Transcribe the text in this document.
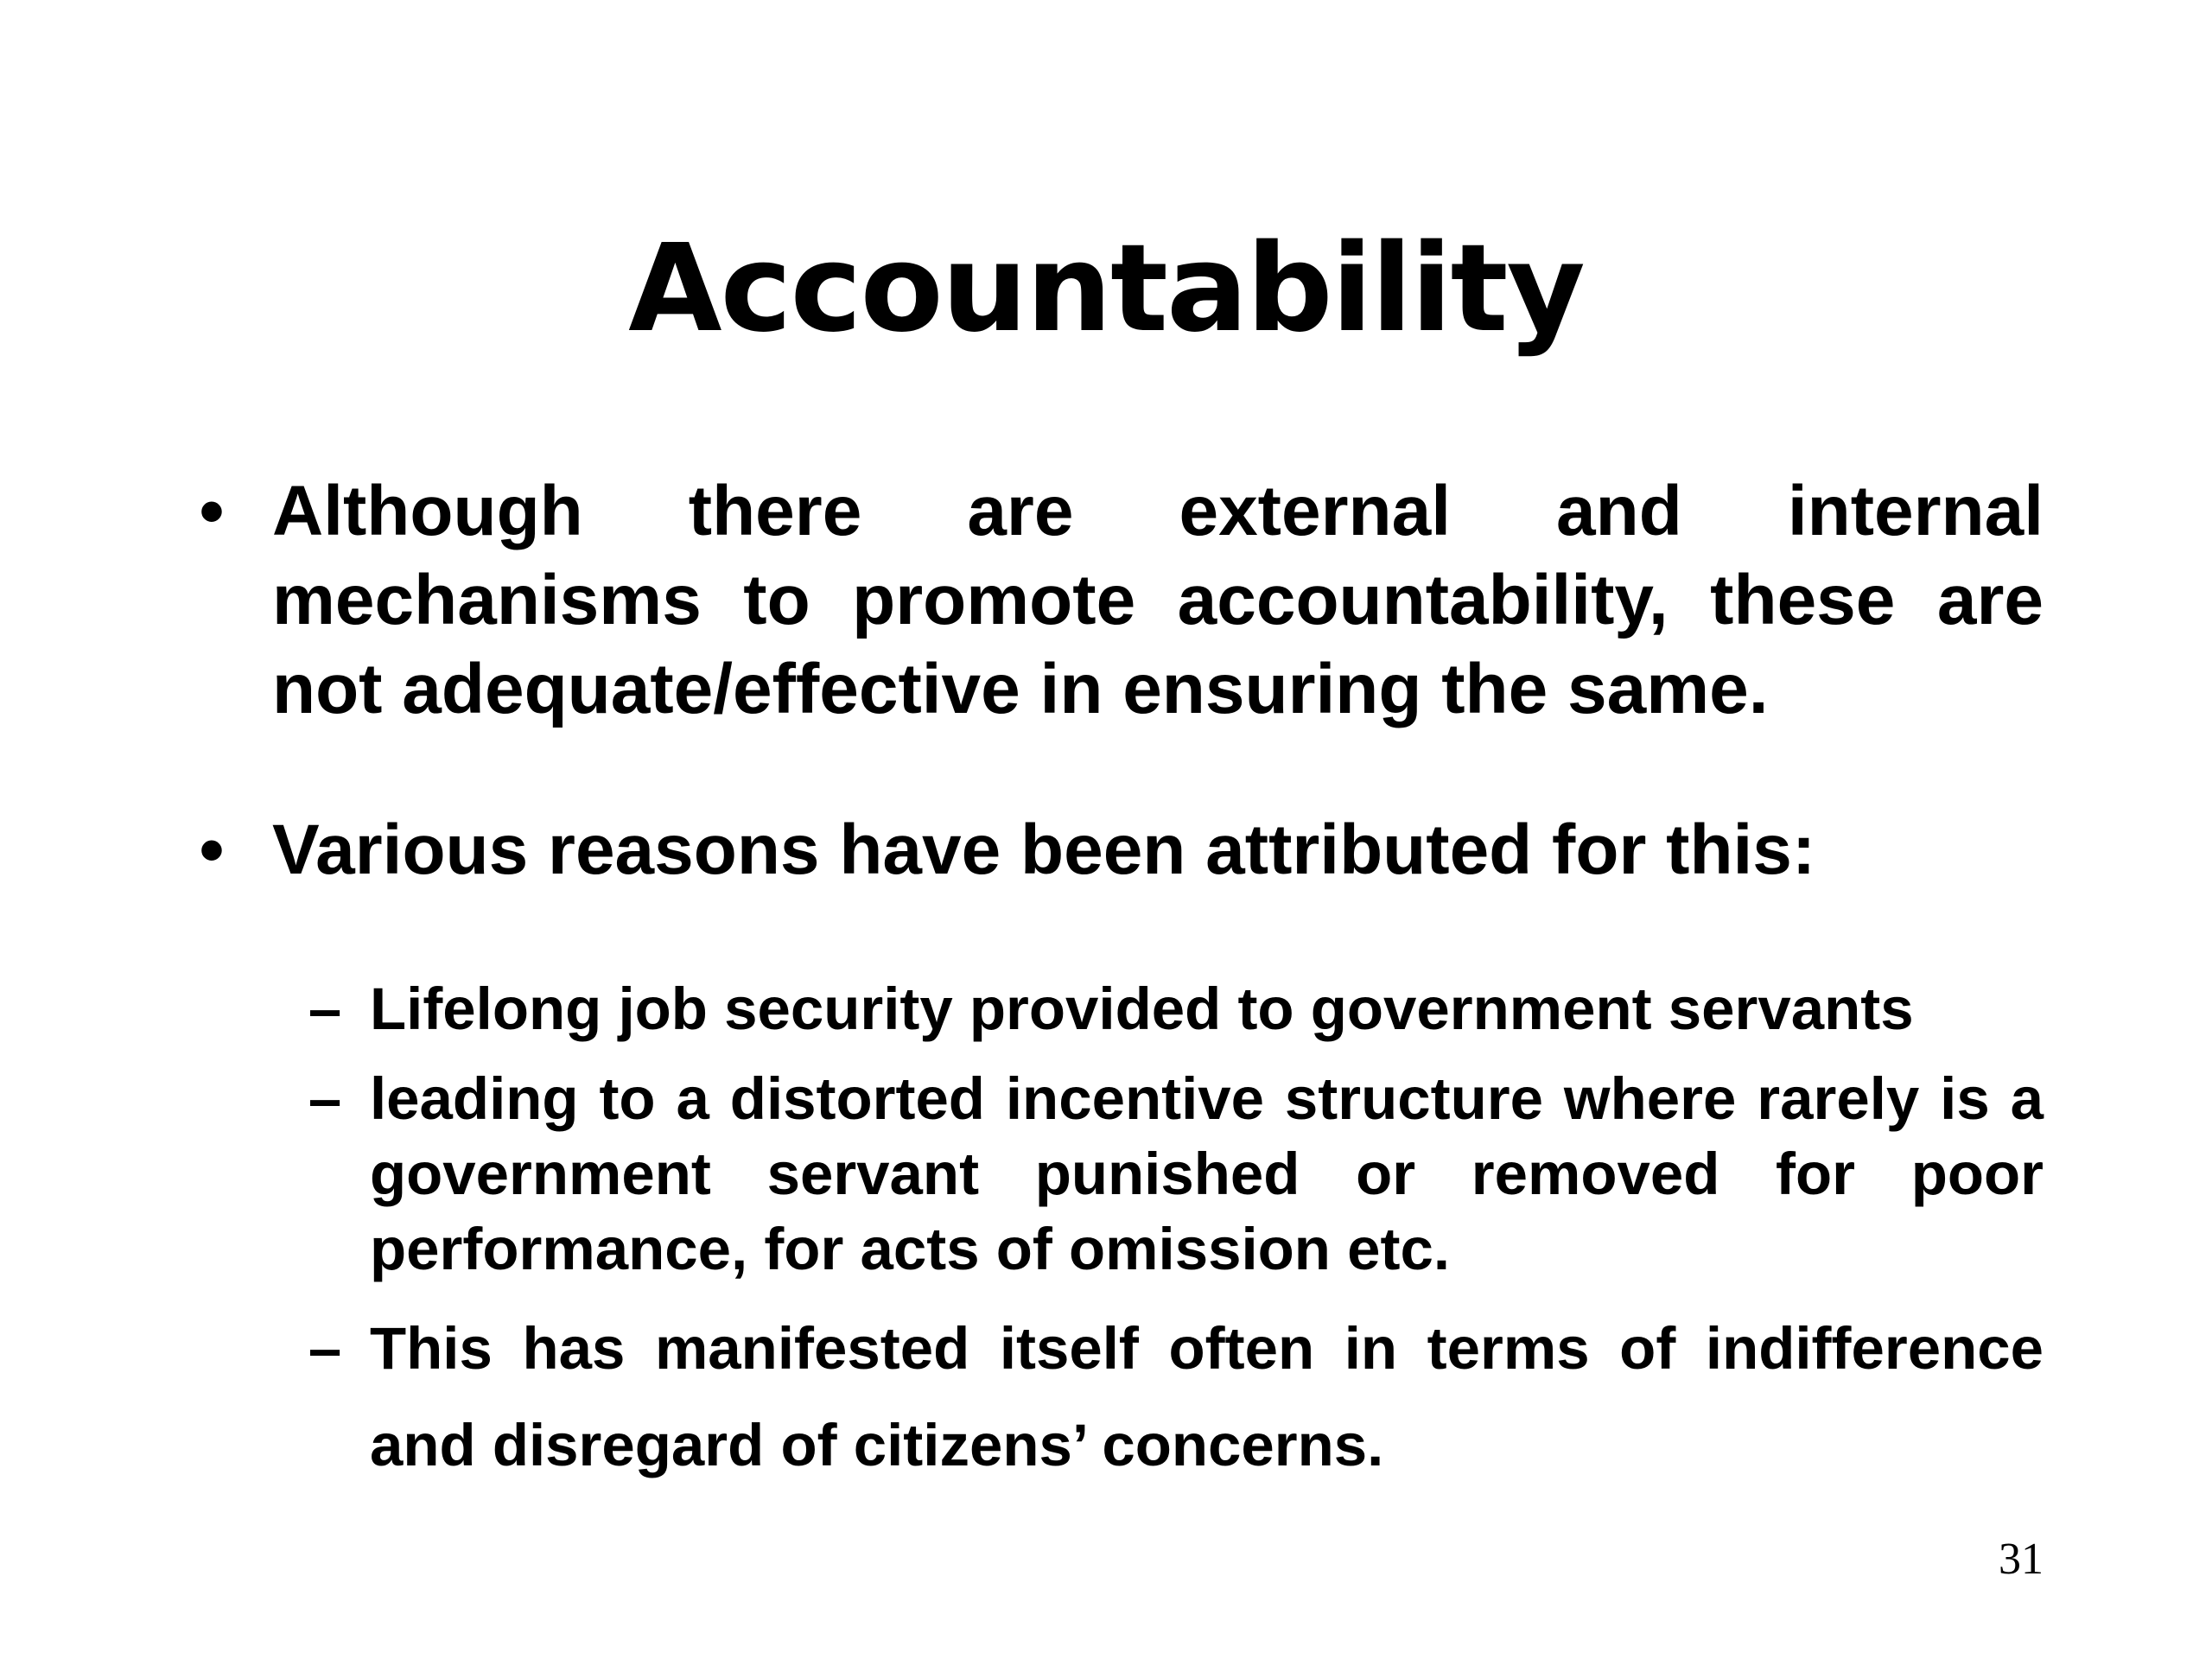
Accountability
• Although there are external and internal mechanisms to promote accountability, these are not adequate/effective in ensuring the same.
• Various reasons have been attributed for this:
– Lifelong job security provided to government servants
– leading to a distorted incentive structure where rarely is a government servant punished or removed for poor performance, for acts of omission etc.
– This has manifested itself often in terms of indifference and disregard of citizens’ concerns.
31
